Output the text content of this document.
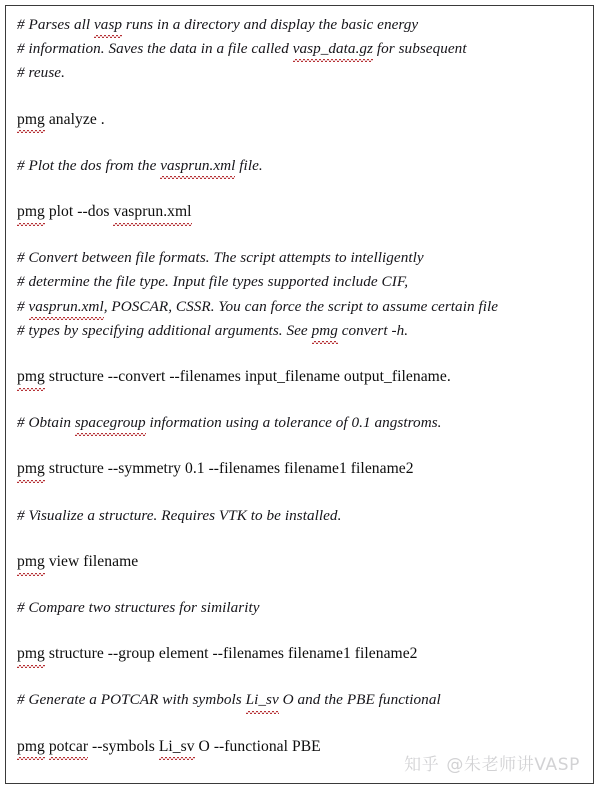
# Parses all vasp runs in a directory and display the basic energy
# information. Saves the data in a file called vasp_data.gz for subsequent
# reuse.
pmg analyze .
# Plot the dos from the vasprun.xml file.
pmg plot --dos vasprun.xml
# Convert between file formats. The script attempts to intelligently
# determine the file type. Input file types supported include CIF,
# vasprun.xml, POSCAR, CSSR. You can force the script to assume certain file
# types by specifying additional arguments. See pmg convert -h.
pmg structure --convert --filenames input_filename output_filename.
# Obtain spacegroup information using a tolerance of 0.1 angstroms.
pmg structure --symmetry 0.1 --filenames filename1 filename2
# Visualize a structure. Requires VTK to be installed.
pmg view filename
# Compare two structures for similarity
pmg structure --group element --filenames filename1 filename2
# Generate a POTCAR with symbols Li_sv O and the PBE functional
pmg potcar --symbols Li_sv O --functional PBE
知乎 @朱老师讲VASP
